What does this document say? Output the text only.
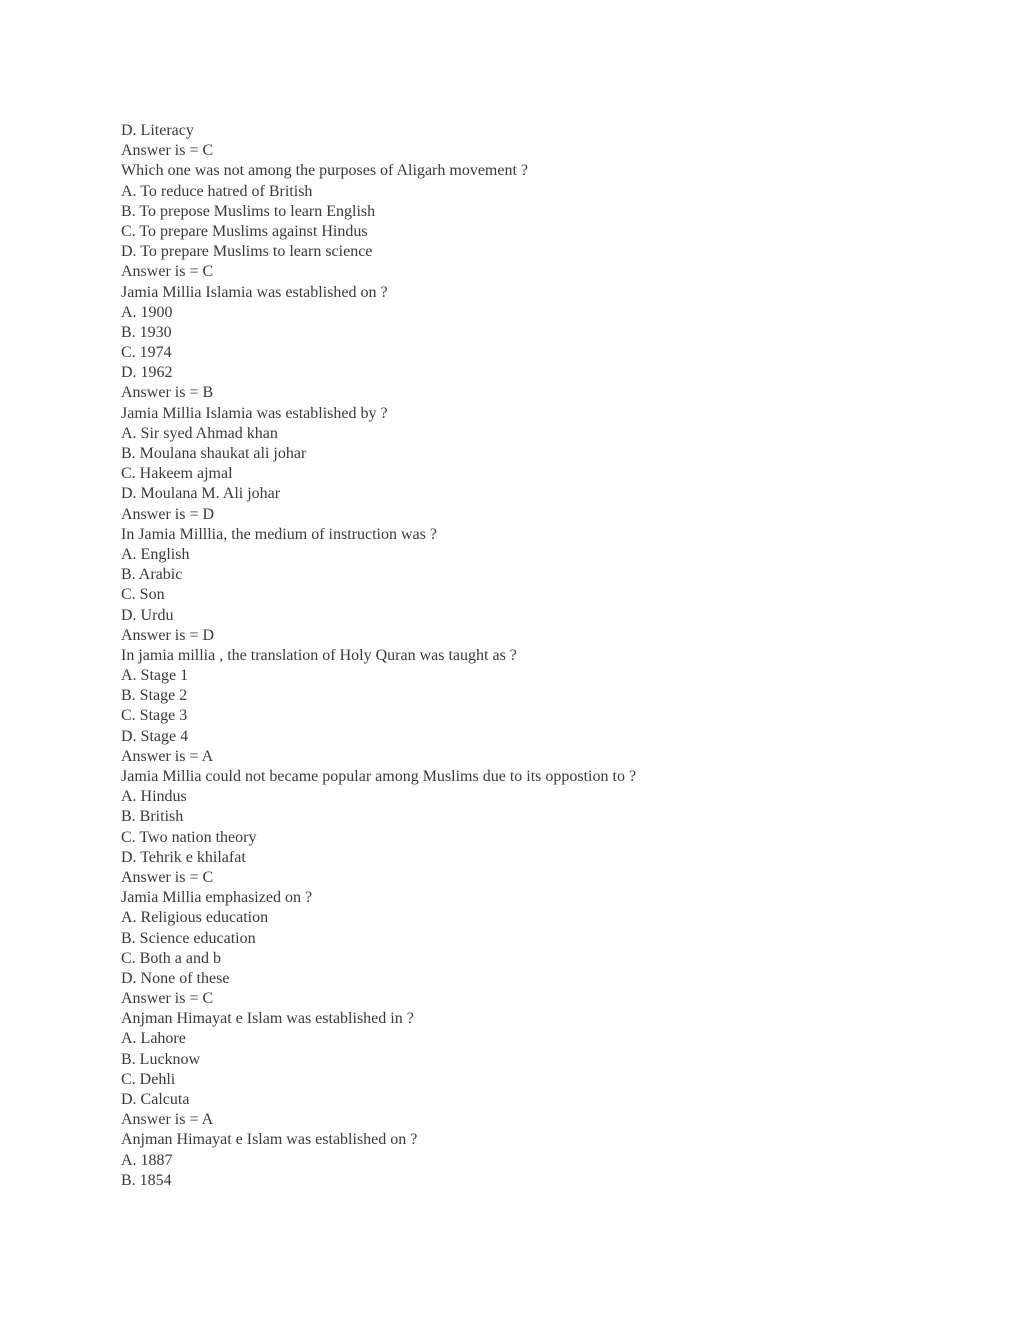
D. Literacy
Answer is = C
Which one was not among the purposes of Aligarh movement ?
A. To reduce hatred of British
B. To prepose Muslims to learn English
C. To prepare Muslims against Hindus
D. To prepare Muslims to learn science
Answer is = C
Jamia Millia Islamia was established on ?
A. 1900
B. 1930
C. 1974
D. 1962
Answer is = B
Jamia Millia Islamia was established by ?
A. Sir syed Ahmad khan
B. Moulana shaukat ali johar
C. Hakeem ajmal
D. Moulana M. Ali johar
Answer is = D
In Jamia Milllia, the medium of instruction was ?
A. English
B. Arabic
C. Son
D. Urdu
Answer is = D
In jamia millia , the translation of Holy Quran was taught as ?
A. Stage 1
B. Stage 2
C. Stage 3
D. Stage 4
Answer is = A
Jamia Millia could not became popular among Muslims due to its oppostion to ?
A. Hindus
B. British
C. Two nation theory
D. Tehrik e khilafat
Answer is = C
Jamia Millia emphasized on ?
A. Religious education
B. Science education
C. Both a and b
D. None of these
Answer is = C
Anjman Himayat e Islam was established in ?
A. Lahore
B. Lucknow
C. Dehli
D. Calcuta
Answer is = A
Anjman Himayat e Islam was established on ?
A. 1887
B. 1854
